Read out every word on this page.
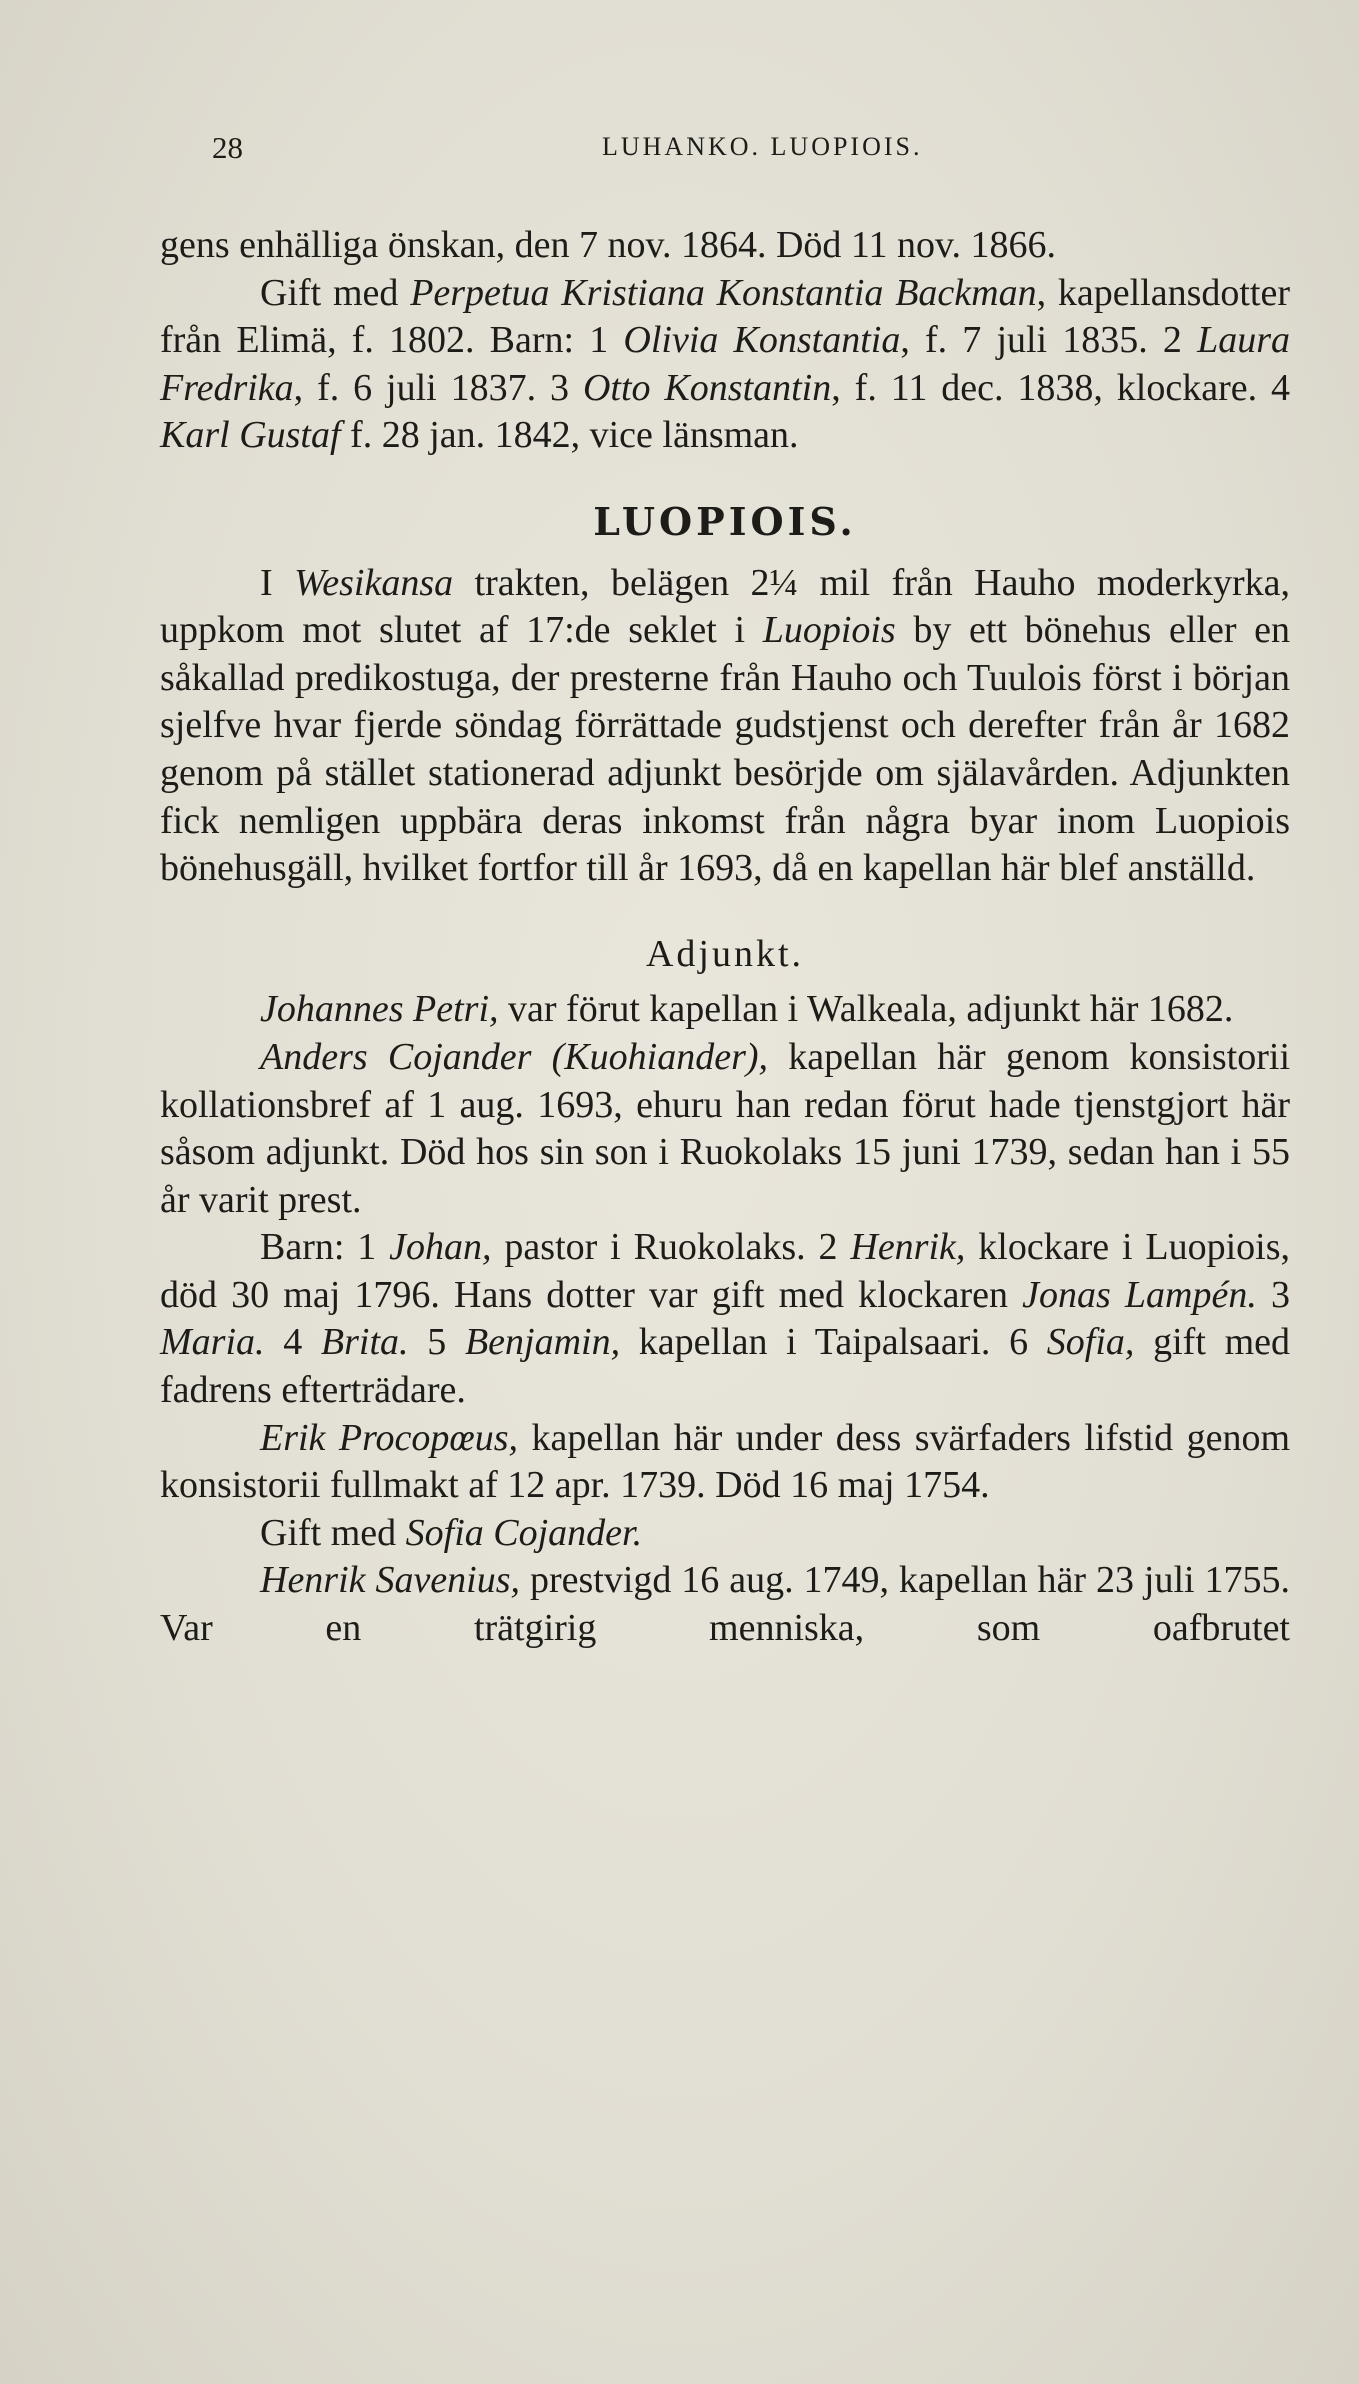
28	LUHANKO. LUOPIOIS.

gens enhälliga önskan, den 7 nov. 1864. Död 11 nov. 1866.

Gift med Perpetua Kristiana Konstantia Backman, kapellansdotter från Elimä, f. 1802. Barn: 1 Olivia Konstantia, f. 7 juli 1835. 2 Laura Fredrika, f. 6 juli 1837. 3 Otto Konstantin, f. 11 dec. 1838, klockare. 4 Karl Gustaf f. 28 jan. 1842, vice länsman.

LUOPIOIS.

I Wesikansa trakten, belägen 2¼ mil från Hauho moderkyrka, uppkom mot slutet af 17:de seklet i Luopiois by ett bönehus eller en såkallad predikostuga, der presterne från Hauho och Tuulois först i början sjelfve hvar fjerde söndag förrättade gudstjenst och derefter från år 1682 genom på stället stationerad adjunkt besörjde om själavården. Adjunkten fick nemligen uppbära deras inkomst från några byar inom Luopiois bönehusgäll, hvilket fortfor till år 1693, då en kapellan här blef anställd.

Adjunkt.

Johannes Petri, var förut kapellan i Walkeala, adjunkt här 1682.

Anders Cojander (Kuohiander), kapellan här genom konsistorii kollationsbref af 1 aug. 1693, ehuru han redan förut hade tjenstgjort här såsom adjunkt. Död hos sin son i Ruokolaks 15 juni 1739, sedan han i 55 år varit prest.

Barn: 1 Johan, pastor i Ruokolaks. 2 Henrik, klockare i Luopiois, död 30 maj 1796. Hans dotter var gift med klockaren Jonas Lampén. 3 Maria. 4 Brita. 5 Benjamin, kapellan i Taipalsaari. 6 Sofia, gift med fadrens efterträdare.

Erik Procopœus, kapellan här under dess svärfaders lifstid genom konsistorii fullmakt af 12 apr. 1739. Död 16 maj 1754.

Gift med Sofia Cojander.

Henrik Savenius, prestvigd 16 aug. 1749, kapellan här 23 juli 1755. Var en trätgirig menniska, som oafbrutet
